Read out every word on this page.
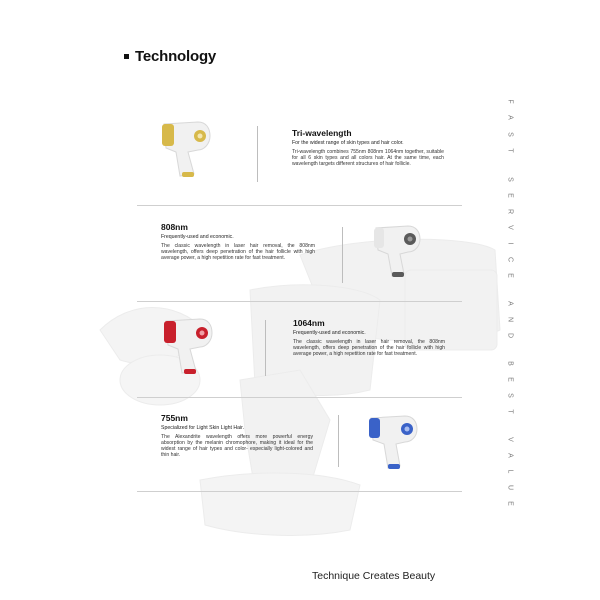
Technology
F
A
S
T
S
E
R
V
I
C
E
A
N
D
B
E
S
T
V
A
L
U
E
Tri-wavelength
For the widest range of skin types and hair color.
Tri-wavelength combines 755nm 808nm 1064nm together, suitable for all 6 skin types and all colors hair. At the same time, each wavelength targets different structures of hair follicle.
808nm
Frequently-used and economic.
The classic wavelength in laser hair removal, the 808nm wavelength, offers deep penetration of the hair follicle with high average power, a high repetition rate for fast treatment.
1064nm
Frequently-used and economic.
The classic wavelength in laser hair removal, the 808nm wavelength, offers deep penetration of the hair follicle with high average power, a high repetition rate for fast treatment.
755nm
Specialized for Light Skin Light Hair.
The Alexandrite wavelength offers more powerful energy absorption by the melanin chromophore, making it ideal for the widest range of hair types and color- especially light-colored and thin hair.
Technique Creates Beauty
